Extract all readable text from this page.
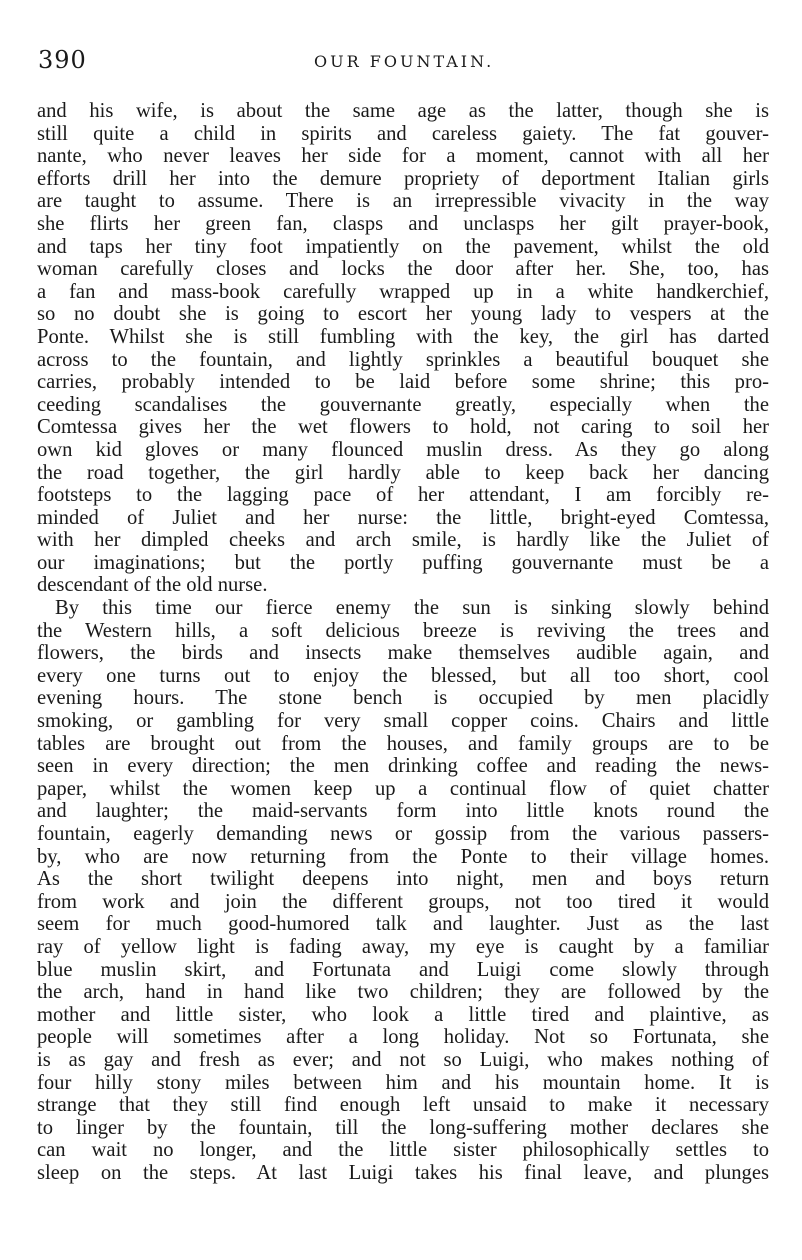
390	OUR FOUNTAIN.
and his wife, is about the same age as the latter, though she is
still quite a child in spirits and careless gaiety. The fat gouver-
nante, who never leaves her side for a moment, cannot with all her
efforts drill her into the demure propriety of deportment Italian girls
are taught to assume. There is an irrepressible vivacity in the way
she flirts her green fan, clasps and unclasps her gilt prayer-book,
and taps her tiny foot impatiently on the pavement, whilst the old
woman carefully closes and locks the door after her. She, too, has
a fan and mass-book carefully wrapped up in a white handkerchief,
so no doubt she is going to escort her young lady to vespers at the
Ponte. Whilst she is still fumbling with the key, the girl has darted
across to the fountain, and lightly sprinkles a beautiful bouquet she
carries, probably intended to be laid before some shrine; this pro-
ceeding scandalises the gouvernante greatly, especially when the
Comtessa gives her the wet flowers to hold, not caring to soil her
own kid gloves or many flounced muslin dress. As they go along
the road together, the girl hardly able to keep back her dancing
footsteps to the lagging pace of her attendant, I am forcibly re-
minded of Juliet and her nurse: the little, bright-eyed Comtessa,
with her dimpled cheeks and arch smile, is hardly like the Juliet of
our imaginations; but the portly puffing gouvernante must be a
descendant of the old nurse.
By this time our fierce enemy the sun is sinking slowly behind
the Western hills, a soft delicious breeze is reviving the trees and
flowers, the birds and insects make themselves audible again, and
every one turns out to enjoy the blessed, but all too short, cool
evening hours. The stone bench is occupied by men placidly
smoking, or gambling for very small copper coins. Chairs and little
tables are brought out from the houses, and family groups are to be
seen in every direction; the men drinking coffee and reading the news-
paper, whilst the women keep up a continual flow of quiet chatter
and laughter; the maid-servants form into little knots round the
fountain, eagerly demanding news or gossip from the various passers-
by, who are now returning from the Ponte to their village homes.
As the short twilight deepens into night, men and boys return
from work and join the different groups, not too tired it would
seem for much good-humored talk and laughter. Just as the last
ray of yellow light is fading away, my eye is caught by a familiar
blue muslin skirt, and Fortunata and Luigi come slowly through
the arch, hand in hand like two children; they are followed by the
mother and little sister, who look a little tired and plaintive, as
people will sometimes after a long holiday. Not so Fortunata, she
is as gay and fresh as ever; and not so Luigi, who makes nothing of
four hilly stony miles between him and his mountain home. It is
strange that they still find enough left unsaid to make it necessary
to linger by the fountain, till the long-suffering mother declares she
can wait no longer, and the little sister philosophically settles to
sleep on the steps. At last Luigi takes his final leave, and plunges
